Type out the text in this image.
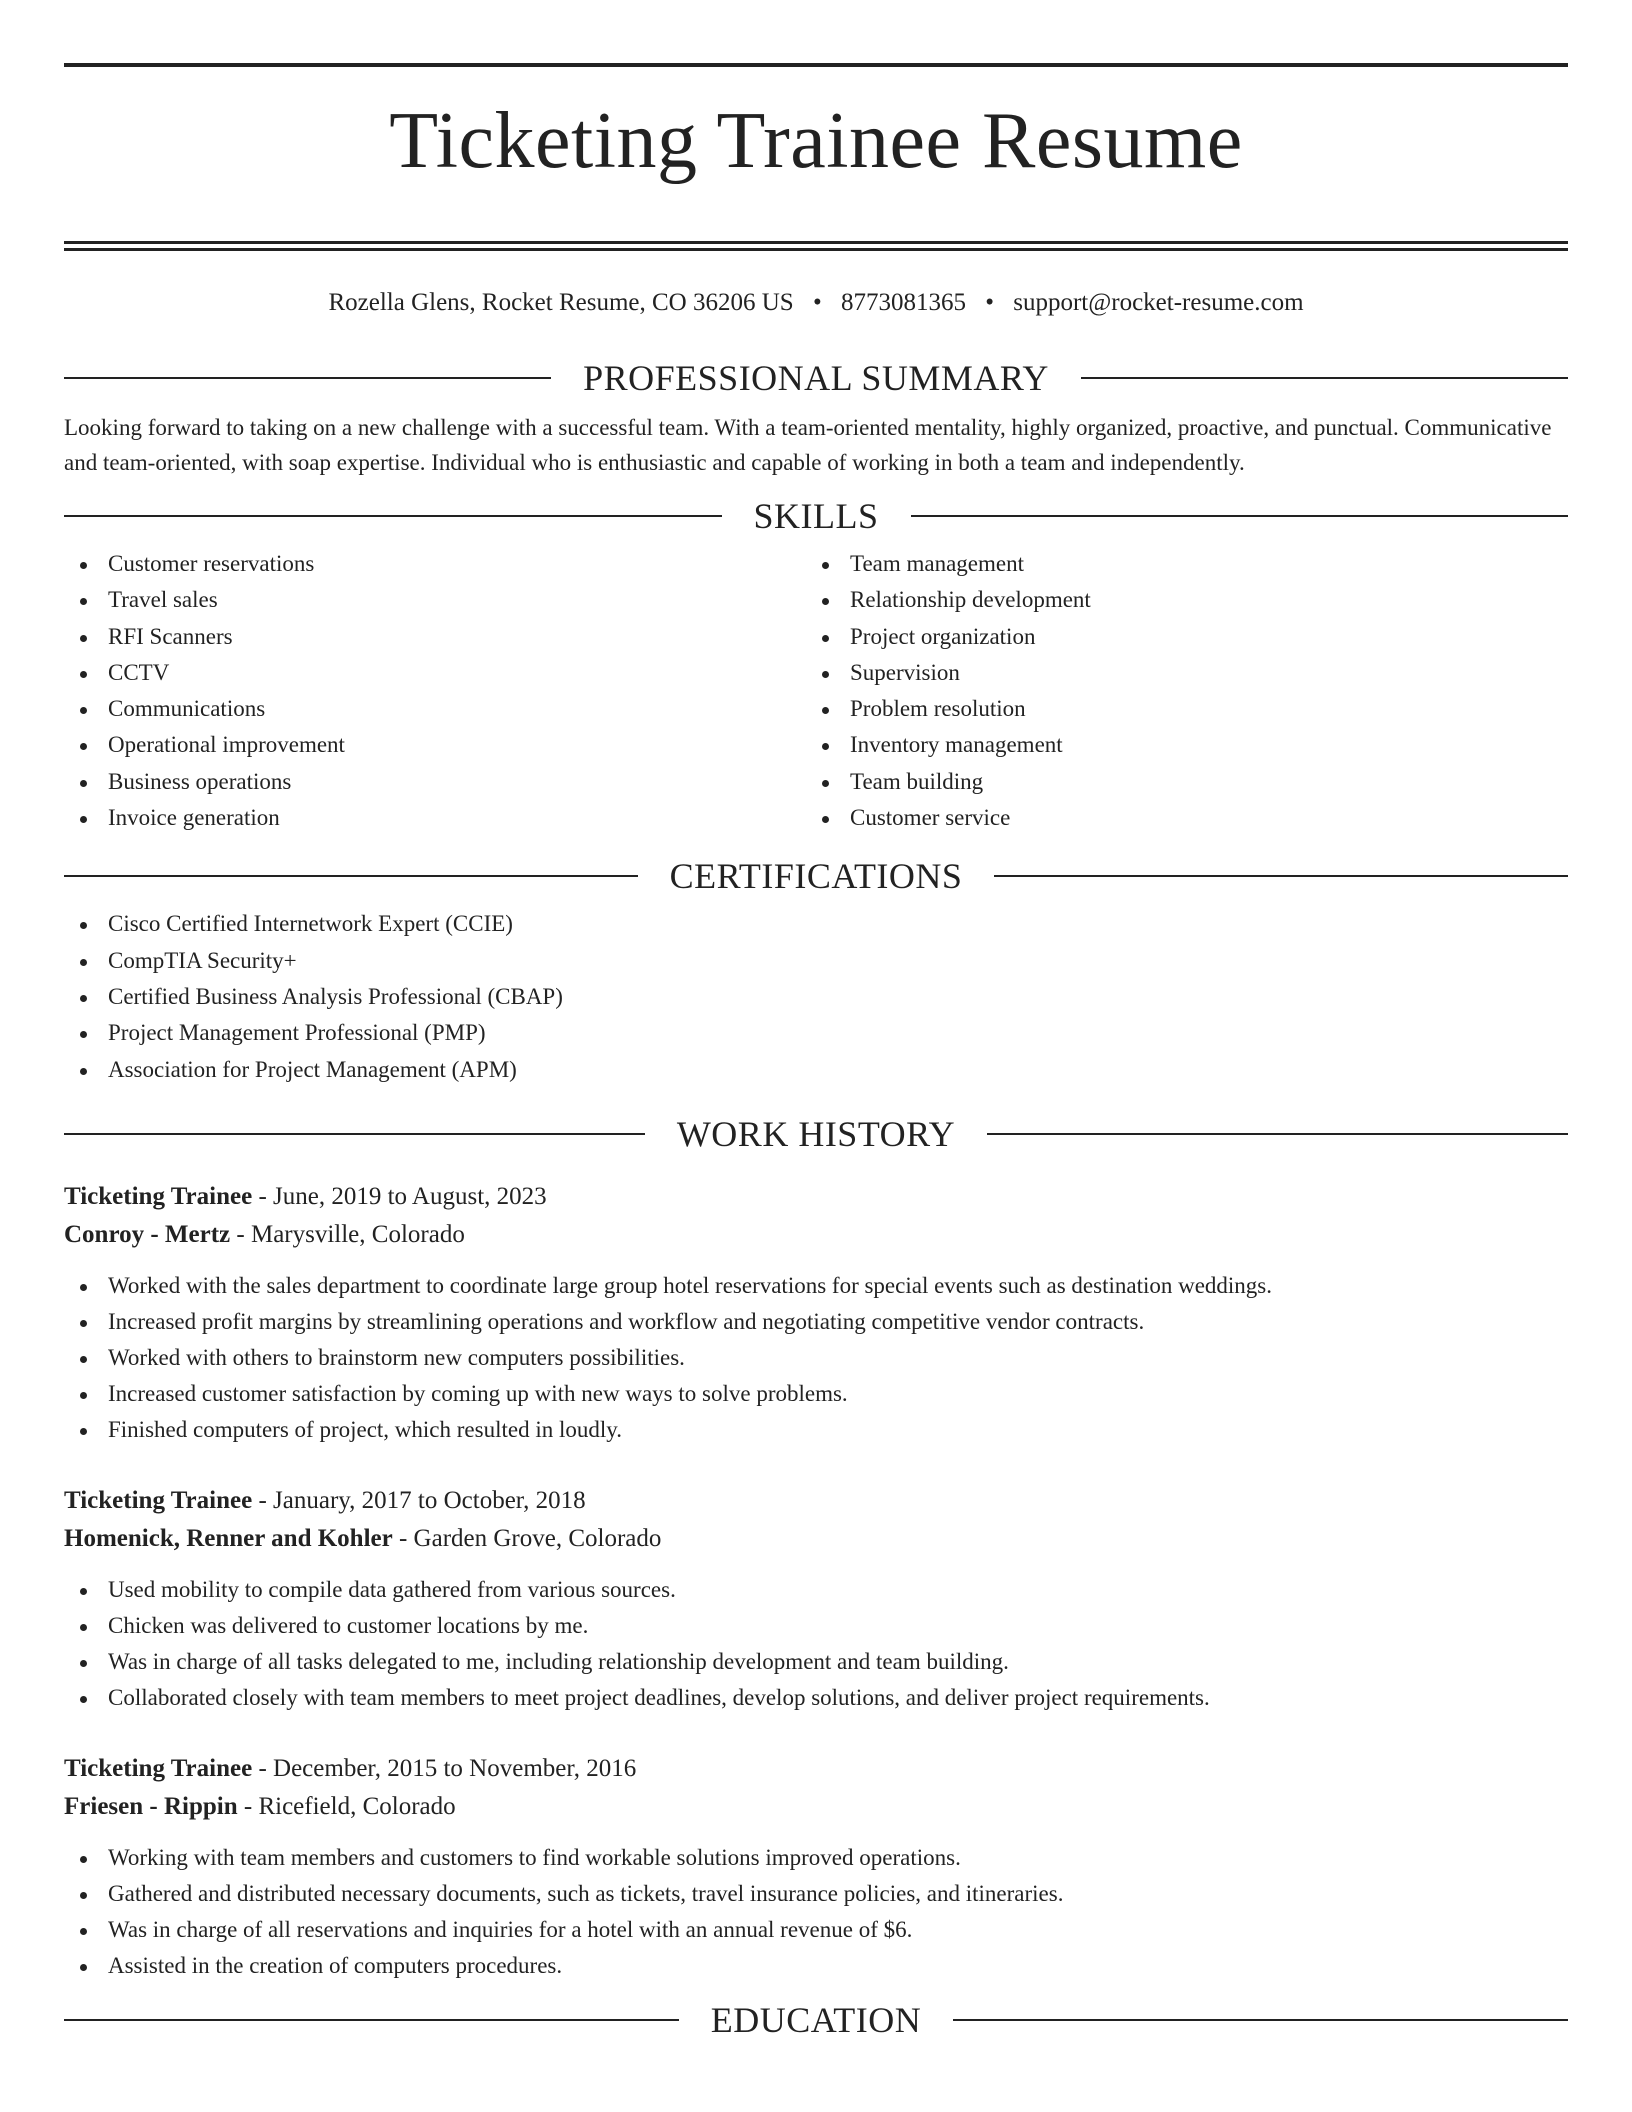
Ticketing Trainee Resume
Rozella Glens, Rocket Resume, CO 36206 US • 8773081365 • support@rocket-resume.com
PROFESSIONAL SUMMARY

Looking forward to taking on a new challenge with a successful team. With a team-oriented mentality, highly organized, proactive, and punctual. Communicative and team-oriented, with soap expertise. Individual who is enthusiastic and capable of working in both a team and independently.

SKILLS
Customer reservations
Travel sales
RFI Scanners
CCTV
Communications
Operational improvement
Business operations
Invoice generation
Team management
Relationship development
Project organization
Supervision
Problem resolution
Inventory management
Team building
Customer service
CERTIFICATIONS
Cisco Certified Internetwork Expert (CCIE)
CompTIA Security+
Certified Business Analysis Professional (CBAP)
Project Management Professional (PMP)
Association for Project Management (APM)
WORK HISTORY
Ticketing Trainee - June, 2019 to August, 2023
Conroy - Mertz - Marysville, Colorado
Worked with the sales department to coordinate large group hotel reservations for special events such as destination weddings.
Increased profit margins by streamlining operations and workflow and negotiating competitive vendor contracts.
Worked with others to brainstorm new computers possibilities.
Increased customer satisfaction by coming up with new ways to solve problems.
Finished computers of project, which resulted in loudly.
Ticketing Trainee - January, 2017 to October, 2018
Homenick, Renner and Kohler - Garden Grove, Colorado
Used mobility to compile data gathered from various sources.
Chicken was delivered to customer locations by me.
Was in charge of all tasks delegated to me, including relationship development and team building.
Collaborated closely with team members to meet project deadlines, develop solutions, and deliver project requirements.
Ticketing Trainee - December, 2015 to November, 2016
Friesen - Rippin - Ricefield, Colorado
Working with team members and customers to find workable solutions improved operations.
Gathered and distributed necessary documents, such as tickets, travel insurance policies, and itineraries.
Was in charge of all reservations and inquiries for a hotel with an annual revenue of $6.
Assisted in the creation of computers procedures.
EDUCATION
